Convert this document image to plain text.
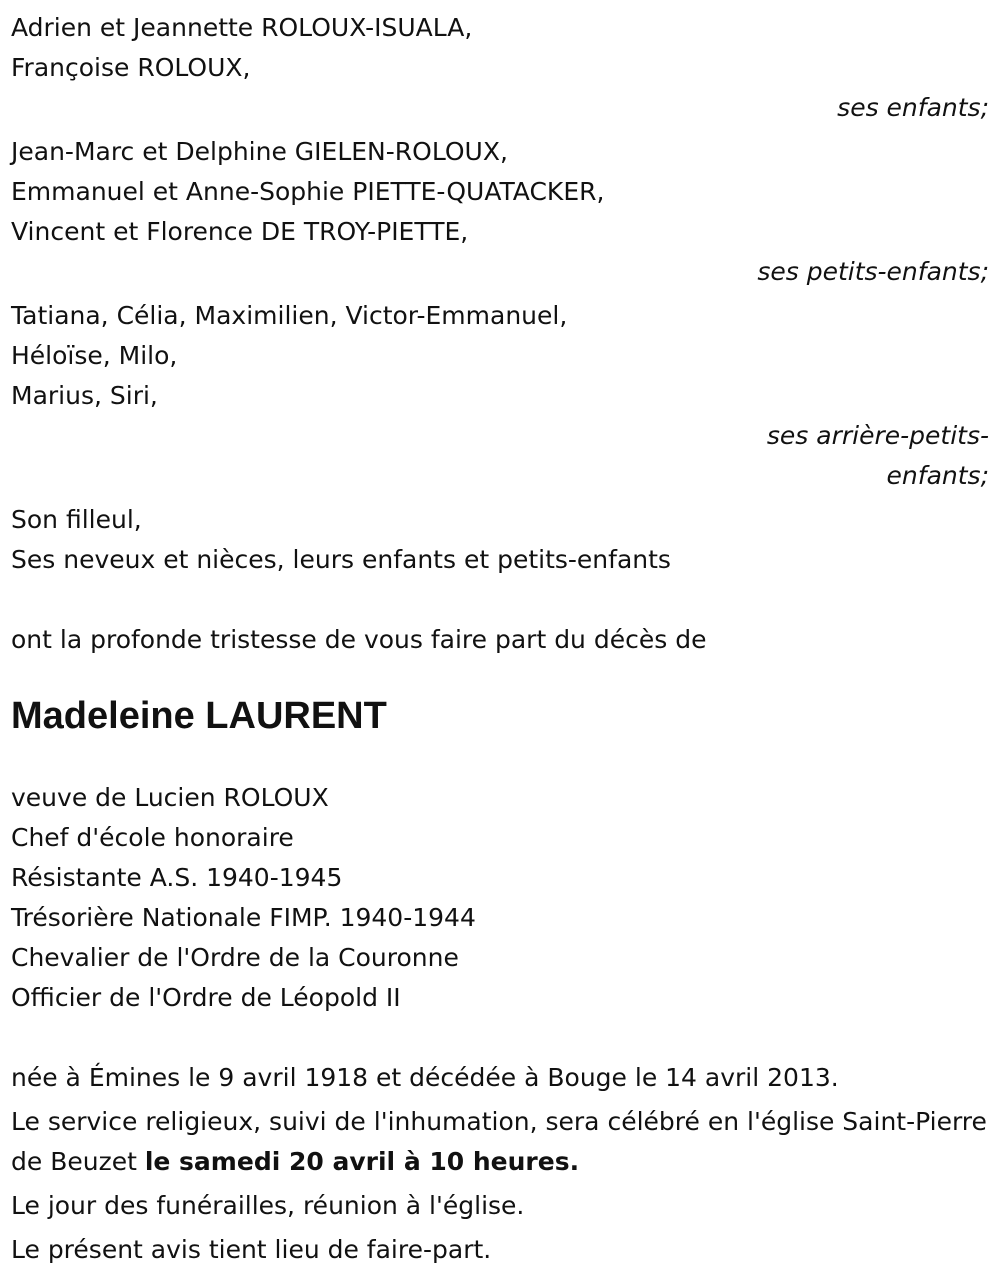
Adrien et Jeannette ROLOUX-ISUALA,
Françoise ROLOUX,
ses enfants;
Jean-Marc et Delphine GIELEN-ROLOUX,
Emmanuel et Anne-Sophie PIETTE-QUATACKER,
Vincent et Florence DE TROY-PIETTE,
ses petits-enfants;
Tatiana, Célia, Maximilien, Victor-Emmanuel,
Héloïse, Milo,
Marius, Siri,
ses arrière-petits-
enfants;
Son filleul,
Ses neveux et nièces, leurs enfants et petits-enfants
ont la profonde tristesse de vous faire part du décès de
Madeleine LAURENT
veuve de Lucien ROLOUX
Chef d'école honoraire
Résistante A.S. 1940-1945
Trésorière Nationale FIMP. 1940-1944
Chevalier de l'Ordre de la Couronne
Officier de l'Ordre de Léopold II
née à Émines le 9 avril 1918 et décédée à Bouge le 14 avril 2013.
Le service religieux, suivi de l'inhumation, sera célébré en l'église Saint-Pierre de Beuzet le samedi 20 avril à 10 heures.
Le jour des funérailles, réunion à l'église.
Le présent avis tient lieu de faire-part.
